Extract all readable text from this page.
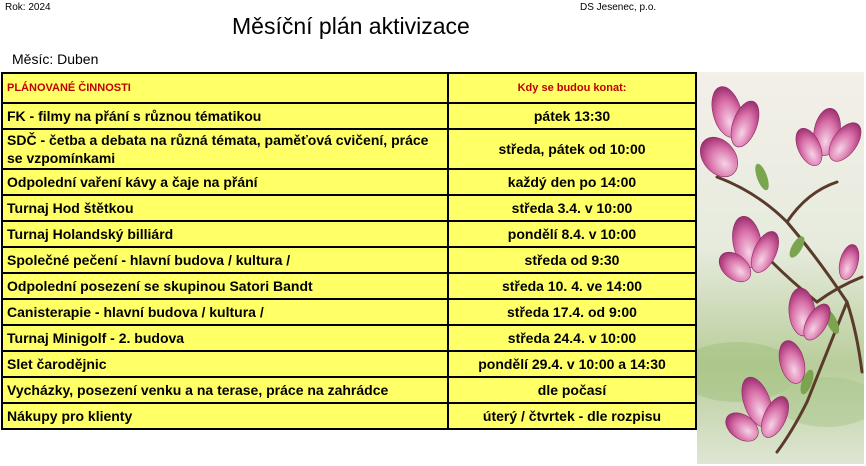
Rok: 2024	DS Jesenec, p.o.
Měsíční plán aktivizace
Měsíc: Duben
PLÁNOVANÉ ČINNOSTI	Kdy se budou konat:
FK - filmy na přání s různou tématikou	pátek 13:30
SDČ - četba a debata na různá témata, paměťová cvičení, práce se vzpomínkami	středa, pátek od 10:00
Odpolední vaření kávy a čaje na přání	každý den po 14:00
Turnaj Hod štětkou	středa 3.4. v 10:00
Turnaj Holandský billiárd	pondělí 8.4. v 10:00
Společné pečení - hlavní budova / kultura /	středa od 9:30
Odpolední posezení se skupinou Satori Bandt	středa 10. 4. ve 14:00
Canisterapie - hlavní budova / kultura /	středa 17.4. od 9:00
Turnaj Minigolf - 2. budova	středa 24.4. v 10:00
Slet čarodějnic	pondělí 29.4. v 10:00 a 14:30
Vycházky, posezení venku a na terase, práce na zahrádce	dle počasí
Nákupy pro klienty	úterý / čtvrtek - dle rozpisu
